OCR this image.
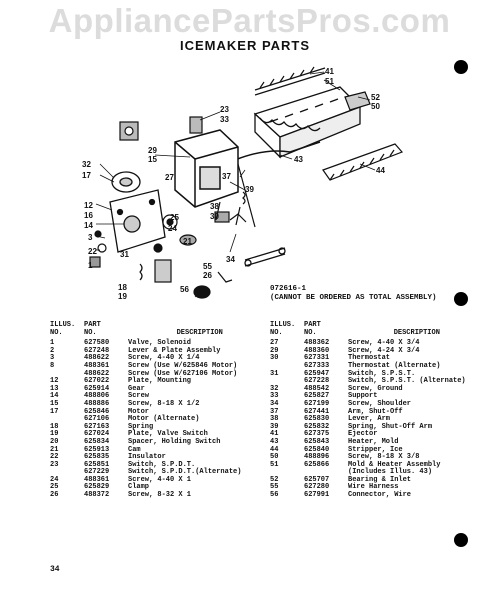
AppliancePartsPros.com
ICEMAKER PARTS
41
51
52
50
23
33
29
15
32
17	27	37
43
44
39
12
16
14
3
25
24
38
30
21
34
22	31
1	55
26
18
19
56	072616-1
(CANNOT BE ORDERED AS TOTAL ASSEMBLY)
ILLUS.
NO.	PART
NO.	DESCRIPTION
1	627580	Valve, Solenoid
2	627248	Lever & Plate Assembly
3	488622	Screw, 4-40 X 1/4
8	488361	Screw (Use W/625846 Motor)
	488622	Screw (Use W/627106 Motor)
12	627022	Plate, Mounting
13	625914	Gear
14	488806	Screw
15	488886	Screw, 8-18 X 1/2
17	625846	Motor
	627106	Motor (Alternate)
18	627163	Spring
19	627024	Plate, Valve Switch
20	625834	Spacer, Holding Switch
21	625913	Cam
22	625835	Insulator
23	625851	Switch, S.P.D.T.
	627229	Switch, S.P.D.T.(Alternate)
24	488361	Screw, 4-40 X 1
25	625829	Clamp
26	488372	Screw, 8-32 X 1
ILLUS.
NO.	PART
NO.	DESCRIPTION
27	488362	Screw, 4-40 X 3/4
29	488360	Screw, 4-24 X 3/4
30	627331	Thermostat
	627333	Thermostat (Alternate)
31	625947	Switch, S.P.S.T.
	627228	Switch, S.P.S.T. (Alternate)
32	488542	Screw, Ground
33	625827	Support
34	627199	Screw, Shoulder
37	627441	Arm, Shut-Off
38	625830	Lever, Arm
39	625832	Spring, Shut-Off Arm
41	627375	Ejector
43	625843	Heater, Mold
44	625840	Stripper, Ice
50	488896	Screw, 8-18 X 3/8
51	625866	Mold & Heater Assembly
		(Includes Illus. 43)
52	625707	Bearing & Inlet
55	627280	Wire Harness
56	627991	Connector, Wire
34
